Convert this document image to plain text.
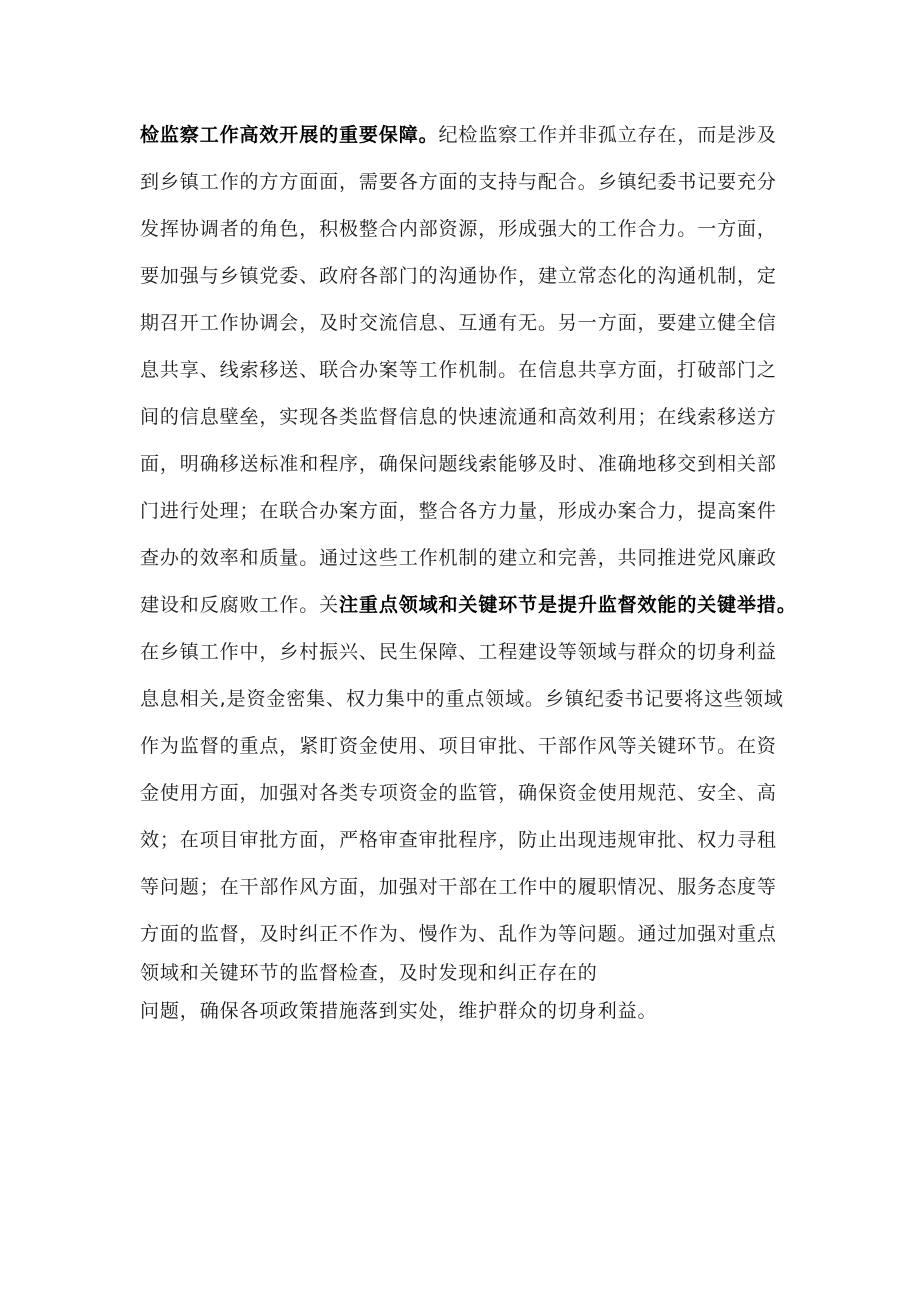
检监察工作高效开展的重要保障。纪检监察工作并非孤立存在，而是涉及
到乡镇工作的方方面面，需要各方面的支持与配合。乡镇纪委书记要充分
发挥协调者的角色，积极整合内部资源，形成强大的工作合力。一方面，
要加强与乡镇党委、政府各部门的沟通协作，建立常态化的沟通机制，定
期召开工作协调会，及时交流信息、互通有无。另一方面，要建立健全信
息共享、线索移送、联合办案等工作机制。在信息共享方面，打破部门之
间的信息壁垒，实现各类监督信息的快速流通和高效利用；在线索移送方
面，明确移送标准和程序，确保问题线索能够及时、准确地移交到相关部
门进行处理；在联合办案方面，整合各方力量，形成办案合力，提高案件
查办的效率和质量。通过这些工作机制的建立和完善，共同推进党风廉政
建设和反腐败工作。关注重点领域和关键环节是提升监督效能的关键举措。
在乡镇工作中，乡村振兴、民生保障、工程建设等领域与群众的切身利益
息息相关,是资金密集、权力集中的重点领域。乡镇纪委书记要将这些领域
作为监督的重点，紧盯资金使用、项目审批、干部作风等关键环节。在资
金使用方面，加强对各类专项资金的监管，确保资金使用规范、安全、高
效；在项目审批方面，严格审查审批程序，防止出现违规审批、权力寻租
等问题；在干部作风方面，加强对干部在工作中的履职情况、服务态度等
方面的监督，及时纠正不作为、慢作为、乱作为等问题。通过加强对重点
领域和关键环节的监督检查，及时发现和纠正存在的
问题，确保各项政策措施落到实处，维护群众的切身利益。
